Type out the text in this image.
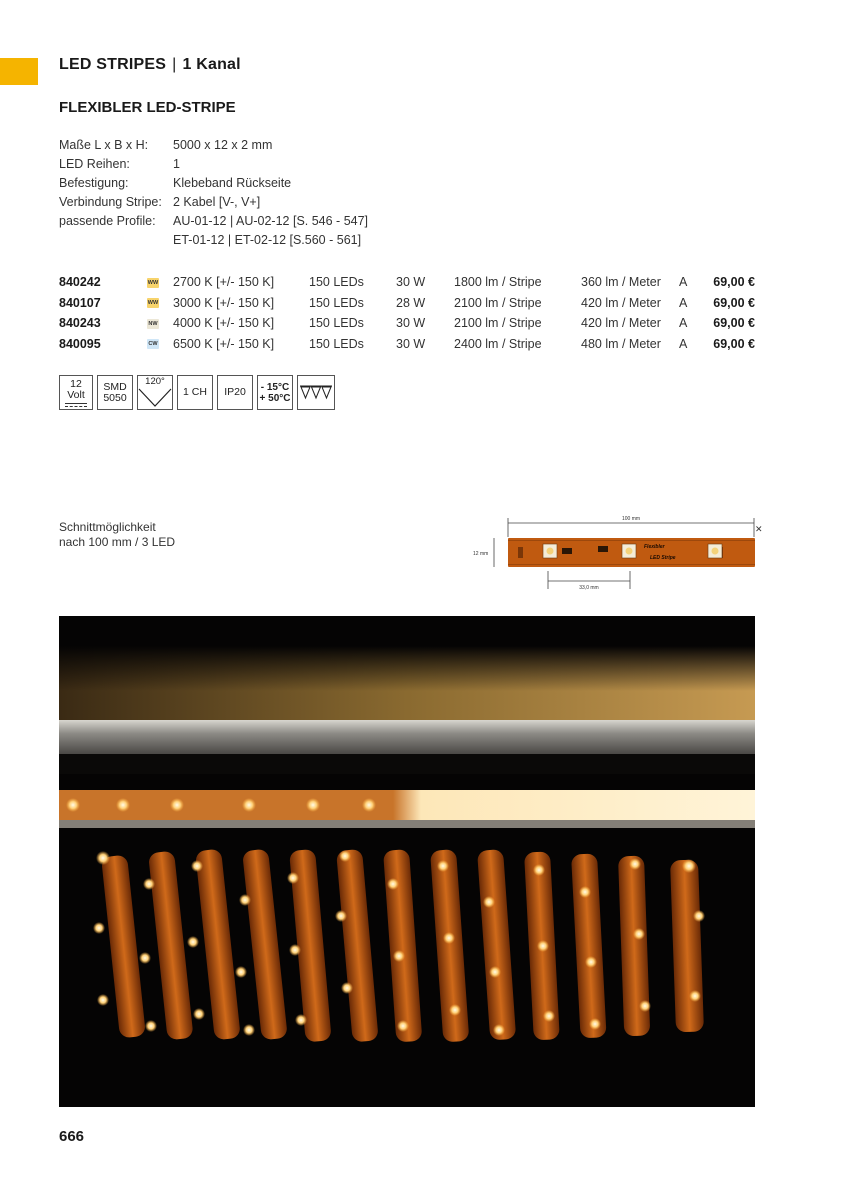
LED STRIPES | 1 Kanal
FLEXIBLER LED-STRIPE
Maße L x B x H:	5000 x 12 x 2 mm
LED Reihen:	1
Befestigung:	Klebeband Rückseite
Verbindung Stripe: 2 Kabel [V-, V+]
passende Profile:	AU-01-12 | AU-02-12 [S. 546 - 547]
ET-01-12 | ET-02-12 [S.560 - 561]
840242	WW	2700 K [+/- 150 K]	150 LEDs	30 W	1800 lm / Stripe	360 lm / Meter	A	69,00 €
840107	WW	3000 K [+/- 150 K]	150 LEDs	28 W	2100 lm / Stripe	420 lm / Meter	A	69,00 €
840243	NW	4000 K [+/- 150 K]	150 LEDs	30 W	2100 lm / Stripe	420 lm / Meter	A	69,00 €
840095	CW	6500 K [+/- 150 K]	150 LEDs	30 W	2400 lm / Stripe	480 lm / Meter	A	69,00 €
12
Volt
SMD
5050
120°
1 CH IP20 - 15°C
+ 50°C
Schnittmöglichkeit
nach 100 mm / 3 LED
100 mm
✕
12 mm
Flexibler
LED Stripe
33,0 mm
666
